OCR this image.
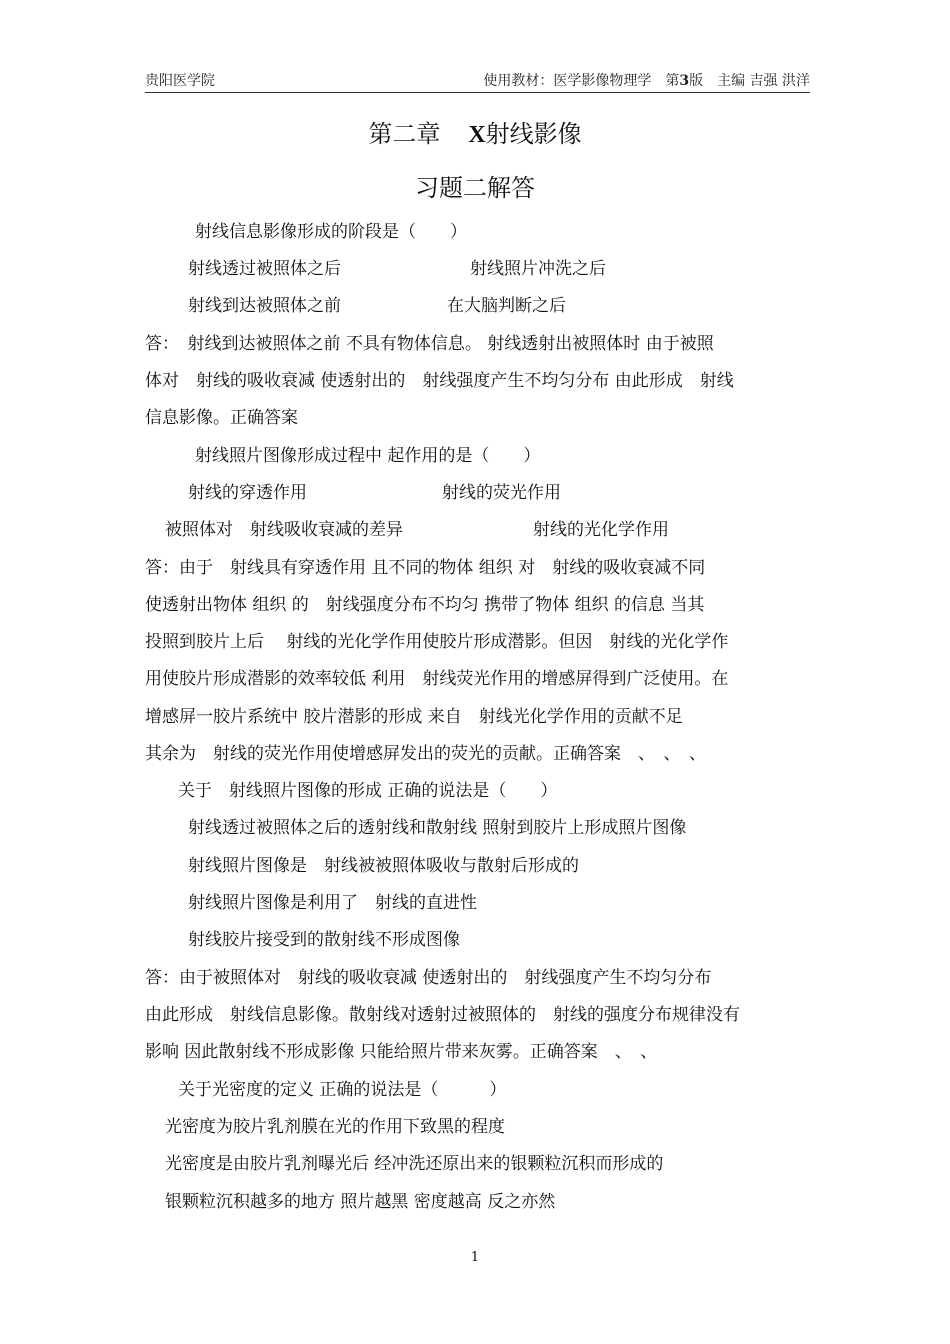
贵阳医学院	使用教材：医学影像物理学　 第3版　 主编 吉强 洪洋
第二章 X射线影像
习题二解答
射线信息影像形成的阶段是（　　）
射线透过被照体之后	射线照片冲洗之后
射线到达被照体之前	在大脑判断之后
答：　射线到达被照体之前 不具有物体信息。 射线透射出被照体时 由于被照
体对　射线的吸收衰减 使透射出的　射线强度产生不均匀分布 由此形成　射线
信息影像。正确答案
射线照片图像形成过程中 起作用的是（　　）
射线的穿透作用	射线的荧光作用
被照体对　射线吸收衰减的差异	射线的光化学作用
答：由于　射线具有穿透作用 且不同的物体 组织 对　射线的吸收衰减不同
使透射出物体 组织 的　射线强度分布不均匀 携带了物体 组织 的信息 当其
投照到胶片上后　 射线的光化学作用使胶片形成潜影。但因　射线的光化学作
用使胶片形成潜影的效率较低 利用　射线荧光作用的增感屏得到广泛使用。在
增感屏一胶片系统中 胶片潜影的形成 来自　射线光化学作用的贡献不足
其余为　射线的荧光作用使增感屏发出的荧光的贡献。正确答案　、　、　、
关于　射线照片图像的形成 正确的说法是（　　）
射线透过被照体之后的透射线和散射线 照射到胶片上形成照片图像
射线照片图像是　射线被被照体吸收与散射后形成的
射线照片图像是利用了　射线的直进性
射线胶片接受到的散射线不形成图像
答：由于被照体对　射线的吸收衰减 使透射出的　射线强度产生不均匀分布
由此形成　射线信息影像。散射线对透射过被照体的　射线的强度分布规律没有
影响 因此散射线不形成影像 只能给照片带来灰雾。正确答案　、　、
关于光密度的定义 正确的说法是（　　　）
光密度为胶片乳剂膜在光的作用下致黑的程度
光密度是由胶片乳剂曝光后 经冲洗还原出来的银颗粒沉积而形成的
银颗粒沉积越多的地方 照片越黑 密度越高 反之亦然
1
